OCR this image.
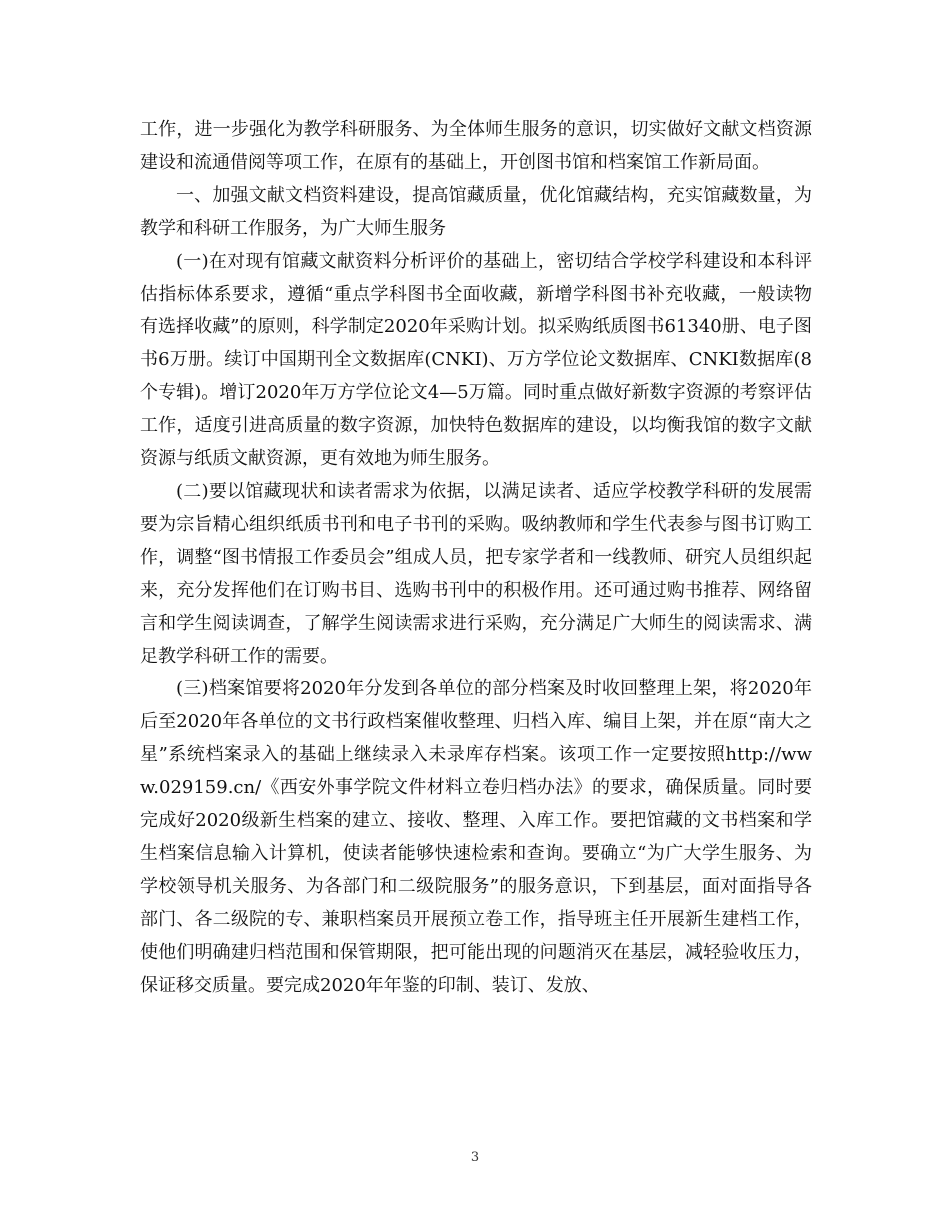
工作，进一步强化为教学科研服务、为全体师生服务的意识，切实做好文献文档资源建设和流通借阅等项工作，在原有的基础上，开创图书馆和档案馆工作新局面。

一、加强文献文档资料建设，提高馆藏质量，优化馆藏结构，充实馆藏数量，为教学和科研工作服务，为广大师生服务

(一)在对现有馆藏文献资料分析评价的基础上，密切结合学校学科建设和本科评估指标体系要求，遵循“重点学科图书全面收藏，新增学科图书补充收藏，一般读物有选择收藏”的原则，科学制定2020年采购计划。拟采购纸质图书61340册、电子图书6万册。续订中国期刊全文数据库(CNKI)、万方学位论文数据库、CNKI数据库(8个专辑)。增订2020年万方学位论文4—5万篇。同时重点做好新数字资源的考察评估工作，适度引进高质量的数字资源，加快特色数据库的建设，以均衡我馆的数字文献资源与纸质文献资源，更有效地为师生服务。

(二)要以馆藏现状和读者需求为依据，以满足读者、适应学校教学科研的发展需要为宗旨精心组织纸质书刊和电子书刊的采购。吸纳教师和学生代表参与图书订购工作，调整“图书情报工作委员会”组成人员，把专家学者和一线教师、研究人员组织起来，充分发挥他们在订购书目、选购书刊中的积极作用。还可通过购书推荐、网络留言和学生阅读调查，了解学生阅读需求进行采购，充分满足广大师生的阅读需求、满足教学科研工作的需要。

(三)档案馆要将2020年分发到各单位的部分档案及时收回整理上架，将2020年后至2020年各单位的文书行政档案催收整理、归档入库、编目上架，并在原“南大之星”系统档案录入的基础上继续录入未录库存档案。该项工作一定要按照http://www.029159.cn/《西安外事学院文件材料立卷归档办法》的要求，确保质量。同时要完成好2020级新生档案的建立、接收、整理、入库工作。要把馆藏的文书档案和学生档案信息输入计算机，使读者能够快速检索和查询。要确立“为广大学生服务、为学校领导机关服务、为各部门和二级院服务”的服务意识，下到基层，面对面指导各部门、各二级院的专、兼职档案员开展预立卷工作，指导班主任开展新生建档工作，使他们明确建归档范围和保管期限，把可能出现的问题消灭在基层，减轻验收压力，保证移交质量。要完成2020年年鉴的印制、装订、发放、

3
